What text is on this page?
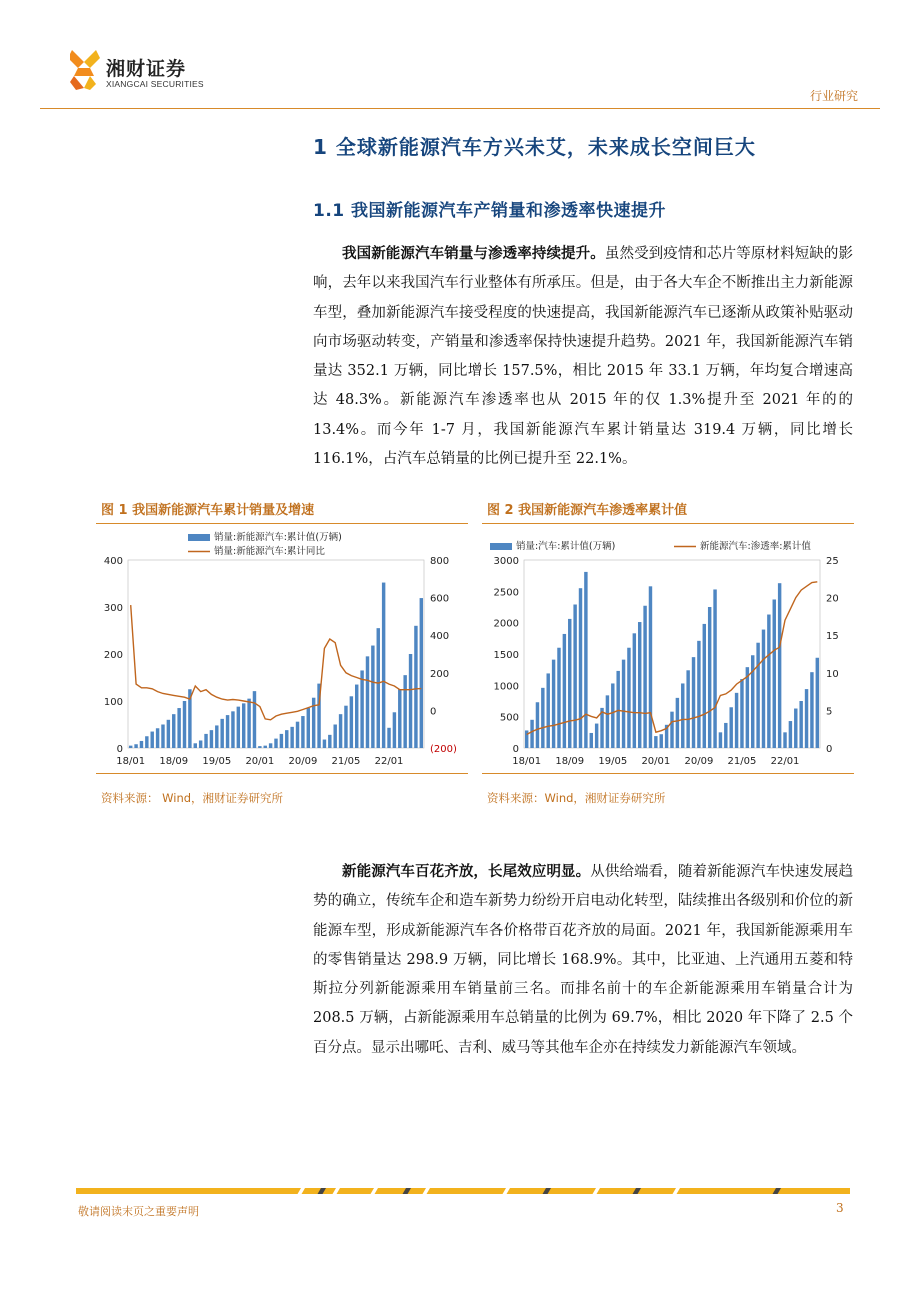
湘财证券
XIANGCAI SECURITIES
行业研究
1 全球新能源汽车方兴未艾，未来成长空间巨大
1.1 我国新能源汽车产销量和渗透率快速提升
我国新能源汽车销量与渗透率持续提升。虽然受到疫情和芯片等原材料短缺的影响，去年以来我国汽车行业整体有所承压。但是，由于各大车企不断推出主力新能源车型，叠加新能源汽车接受程度的快速提高，我国新能源汽车已逐渐从政策补贴驱动向市场驱动转变，产销量和渗透率保持快速提升趋势。2021 年，我国新能源汽车销量达 352.1 万辆，同比增长 157.5%，相比 2015 年 33.1 万辆，年均复合增速高达 48.3%。新能源汽车渗透率也从 2015 年的仅 1.3%提升至 2021 年的的 13.4%。而今年 1-7 月，我国新能源汽车累计销量达 319.4 万辆，同比增长 116.1%，占汽车总销量的比例已提升至 22.1%。
图 1 我国新能源汽车累计销量及增速
销量:新能源汽车:累计值(万辆)
销量:新能源汽车:累计同比
0
100
200
300
400
(200)
0
200
400
600
800
18/01 18/09 19/05 20/01 20/09 21/05 22/01
资料来源： Wind，湘财证券研究所
图 2 我国新能源汽车渗透率累计值
销量:汽车:累计值(万辆)	新能源汽车:渗透率:累计值
0
500
1000
1500
2000
2500
3000
0
5
10
15
20
25
18/01 18/09 19/05 20/01 20/09 21/05 22/01
资料来源：Wind，湘财证券研究所
新能源汽车百花齐放，长尾效应明显。从供给端看，随着新能源汽车快速发展趋势的确立，传统车企和造车新势力纷纷开启电动化转型，陆续推出各级别和价位的新能源车型，形成新能源汽车各价格带百花齐放的局面。2021 年，我国新能源乘用车的零售销量达 298.9 万辆，同比增长 168.9%。其中，比亚迪、上汽通用五菱和特斯拉分列新能源乘用车销量前三名。而排名前十的车企新能源乘用车销量合计为 208.5 万辆，占新能源乘用车总销量的比例为 69.7%，相比 2020 年下降了 2.5 个百分点。显示出哪吒、吉利、威马等其他车企亦在持续发力新能源汽车领域。
敬请阅读末页之重要声明	3
